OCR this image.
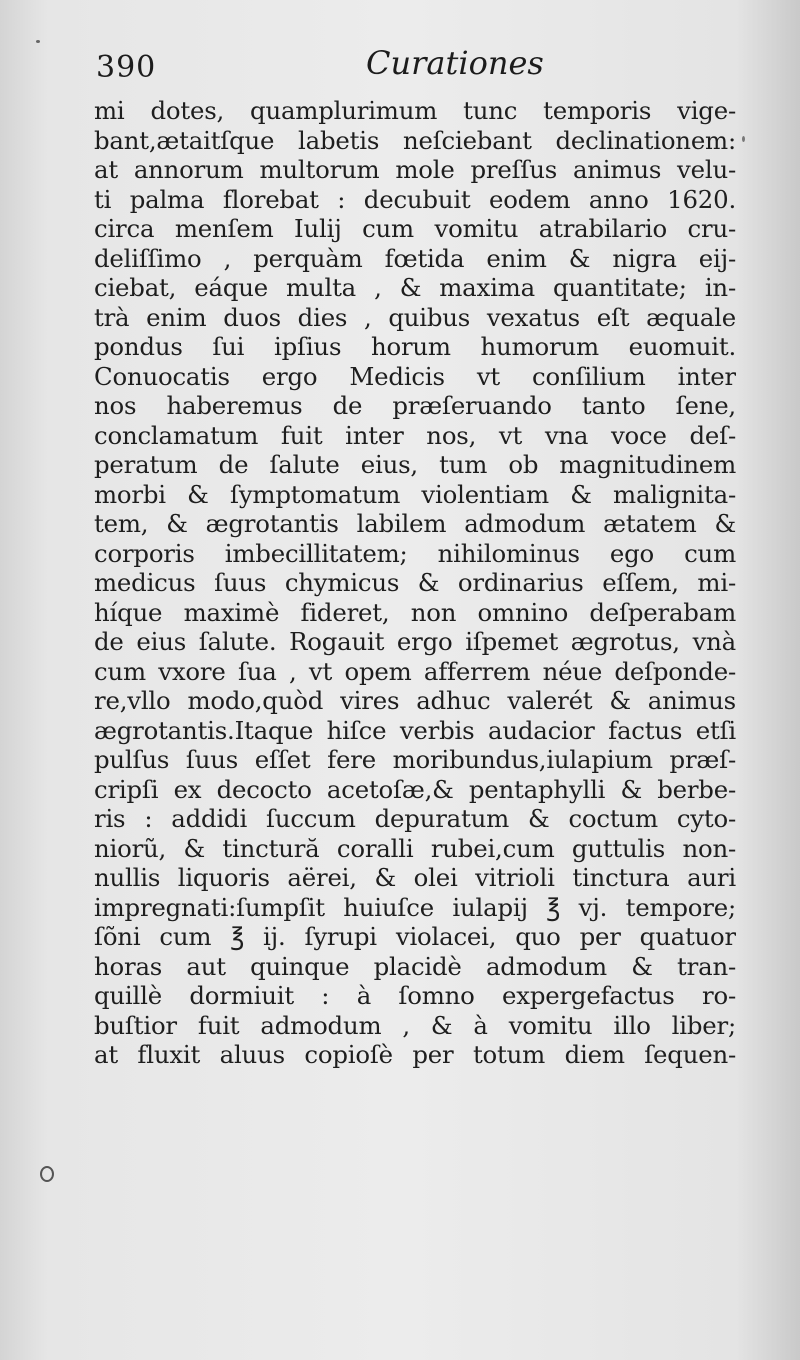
390	Curationes
mi dotes, quamplurimum tunc temporis vige-
bant,ætaitſque labetis neſciebant declinationem:
at annorum multorum mole preſſus animus velu-
ti palma florebat : decubuit eodem anno 1620.
circa menſem Iulij cum vomitu atrabilario cru-
deliſſimo , perquàm fœtida enim & nigra eij-
ciebat, eáque multa , & maxima quantitate; in-
trà enim duos dies , quibus vexatus eſt æquale
pondus ſui ipſius horum humorum euomuit.
Conuocatis ergo Medicis vt conſilium inter
nos haberemus de præſeruando tanto ſene,
conclamatum fuit inter nos, vt vna voce deſ-
peratum de ſalute eius, tum ob magnitudinem
morbi & ſymptomatum violentiam & malignita-
tem, & ægrotantis labilem admodum ætatem &
corporis imbecillitatem; nihilominus ego cum
medicus ſuus chymicus & ordinarius eſſem, mi-
híque maximè fideret, non omnino deſperabam
de eius ſalute. Rogauit ergo iſpemet ægrotus, vnà
cum vxore ſua , vt opem afferrem néue deſponde-
re,vllo modo,quòd vires adhuc valerét & animus
ægrotantis.Itaque hiſce verbis audacior factus etſi
pulſus ſuus eſſet fere moribundus,iulapium præſ-
cripſi ex decocto acetoſæ,& pentaphylli & berbe-
ris : addidi ſuccum depuratum & coctum cyto-
niorũ, & tinctură coralli rubei,cum guttulis non-
nullis liquoris aërei, & olei vitrioli tinctura auri
impregnati:ſumpſit huiuſce iulapij ℥ vj. tempore;
ſõni cum ℥ ij. ſyrupi violacei, quo per quatuor
horas aut quinque placidè admodum & tran-
quillè dormiuit : à ſomno expergefactus ro-
buſtior fuit admodum , & à vomitu illo liber;
at fluxit aluus copioſè per totum diem ſequen-
